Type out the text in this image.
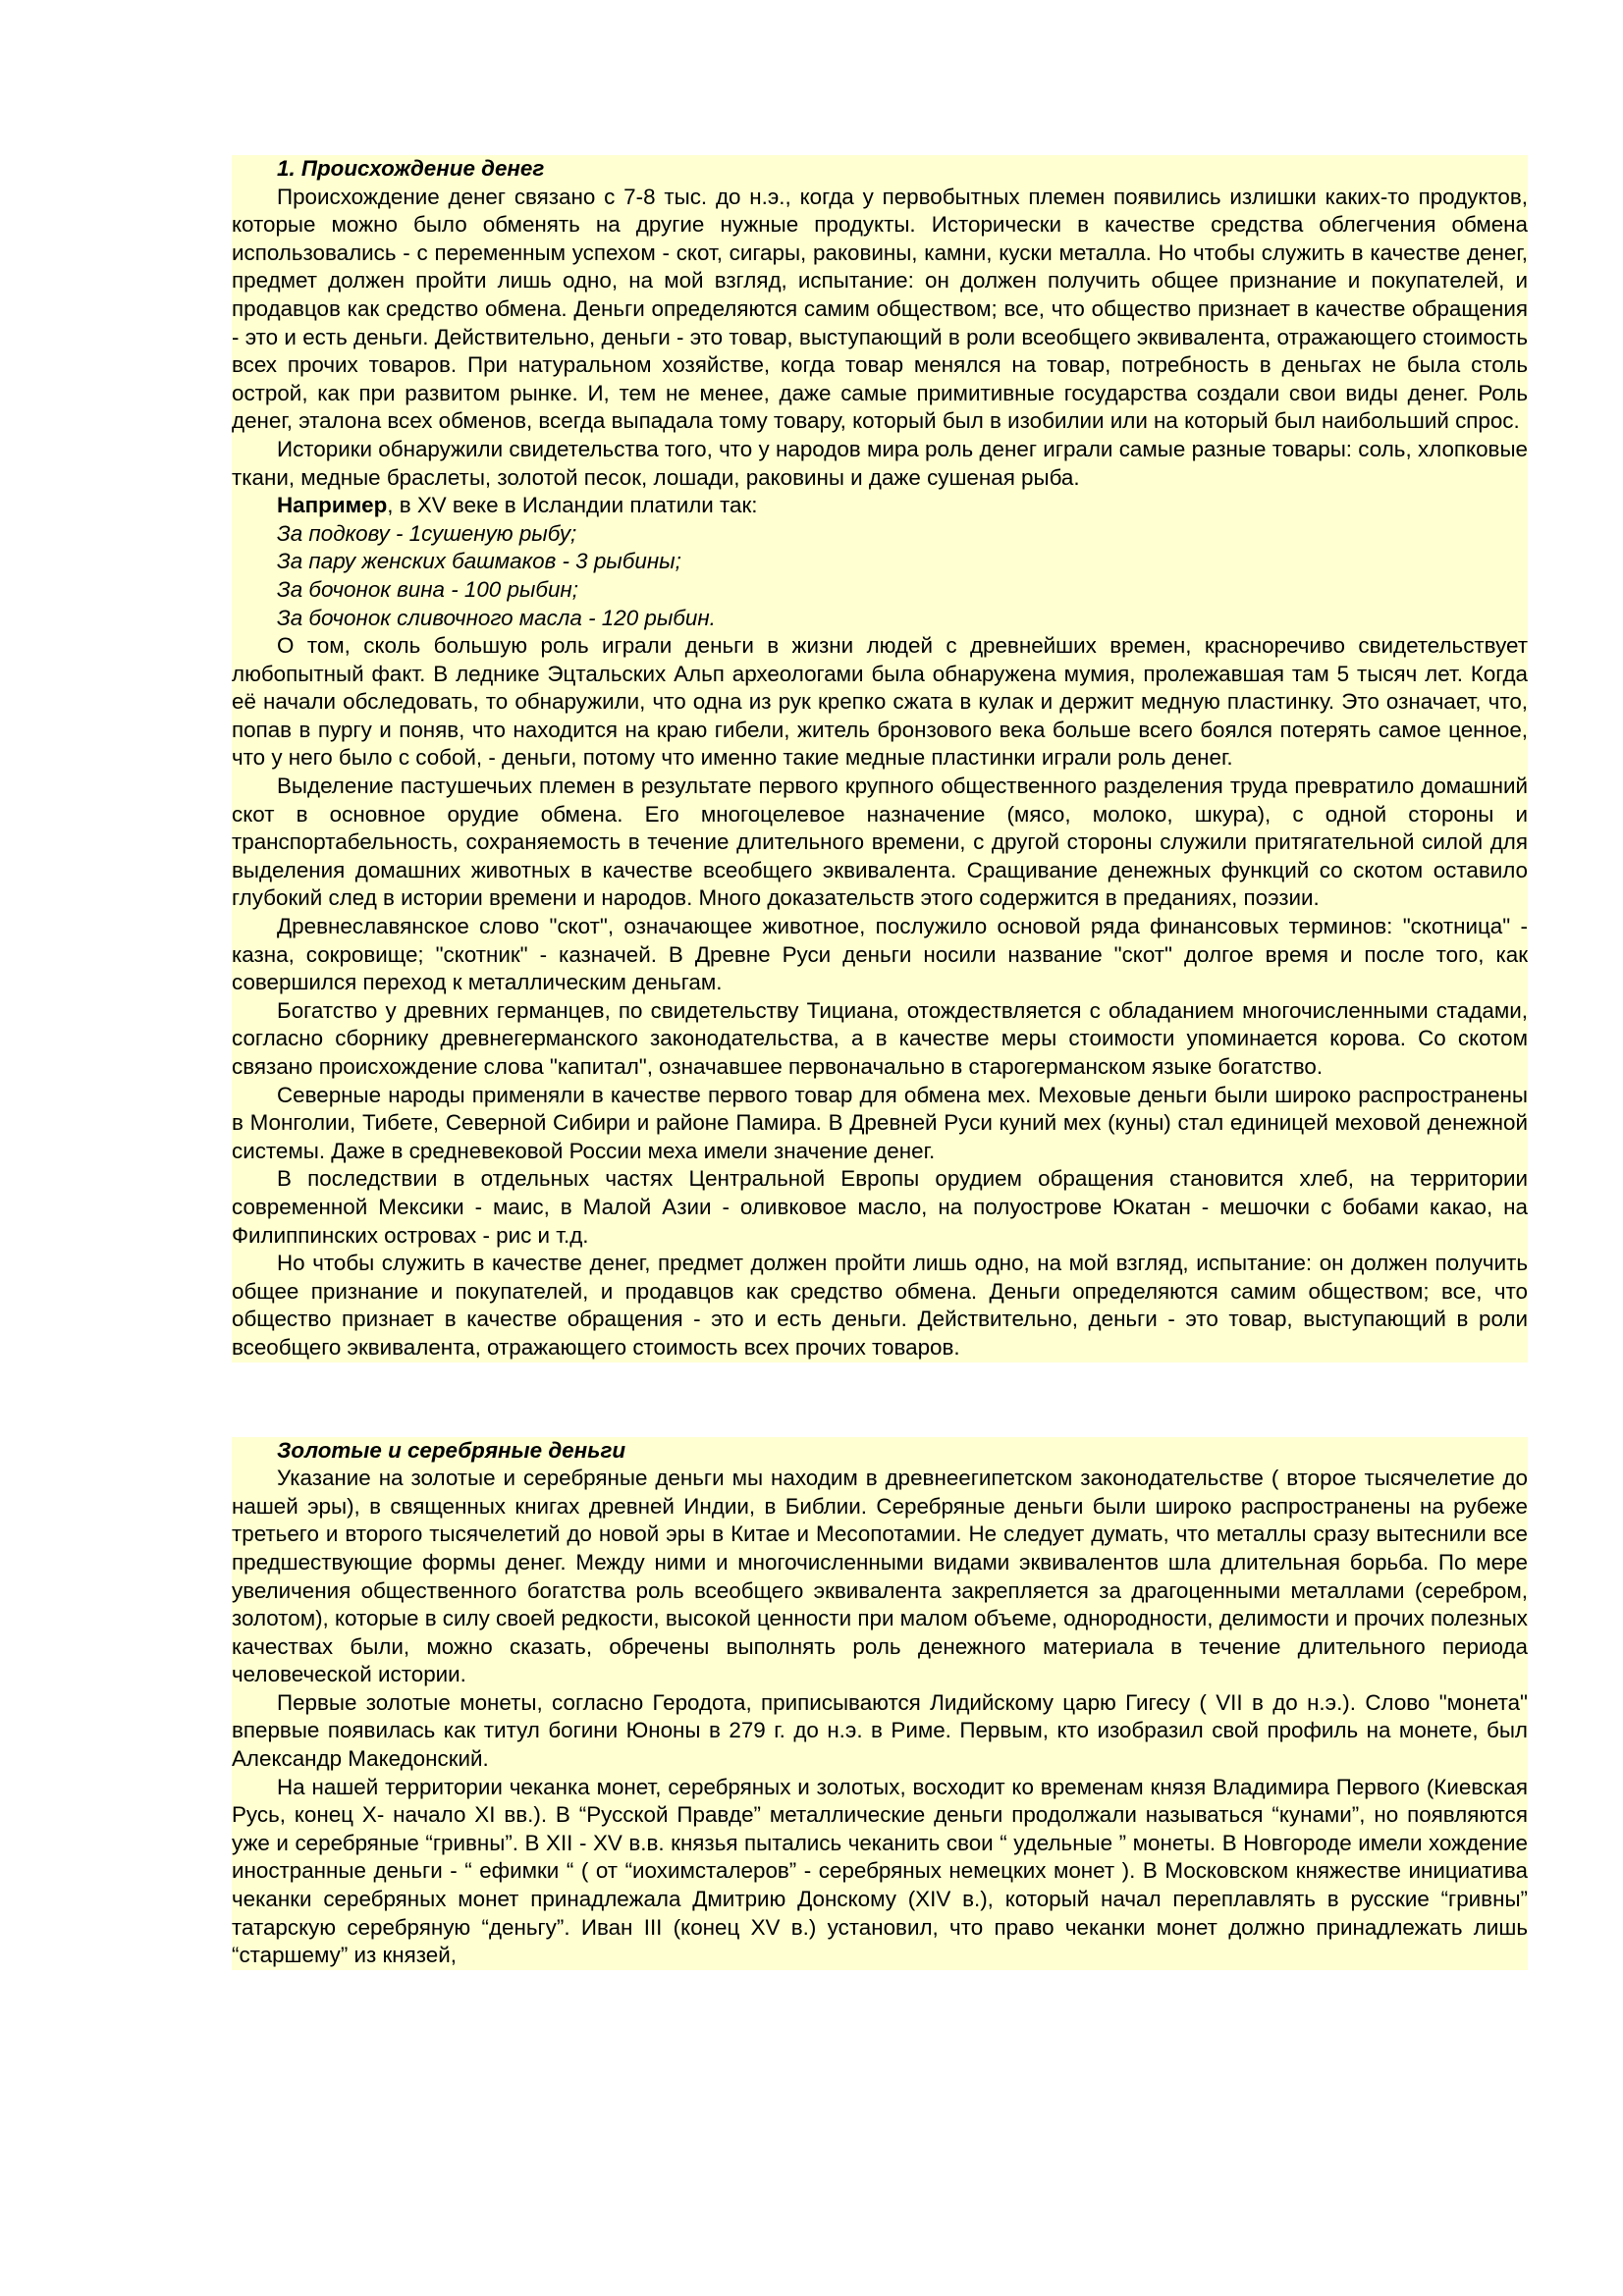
1. Происхождение денег

Происхождение денег связано с 7-8 тыс. до н.э., когда у первобытных племен появились излишки каких-то продуктов, которые можно было обменять на другие нужные продукты. Исторически в качестве средства облегчения обмена использовались - с переменным успехом - скот, сигары, раковины, камни, куски металла. Но чтобы служить в качестве денег, предмет должен пройти лишь одно, на мой взгляд, испытание: он должен получить общее признание и покупателей, и продавцов как средство обмена. Деньги определяются самим обществом; все, что общество признает в качестве обращения - это и есть деньги. Действительно, деньги - это товар, выступающий в роли всеобщего эквивалента, отражающего стоимость всех прочих товаров. При натуральном хозяйстве, когда товар менялся на товар, потребность в деньгах не была столь острой, как при развитом рынке. И, тем не менее, даже самые примитивные государства создали свои виды денег. Роль денег, эталона всех обменов, всегда выпадала тому товару, который был в изобилии или на который был наибольший спрос.

Историки обнаружили свидетельства того, что у народов мира роль денег играли самые разные товары: соль, хлопковые ткани, медные браслеты, золотой песок, лошади, раковины и даже сушеная рыба.

Например, в XV веке в Исландии платили так:

За подкову - 1сушеную рыбу;

За пару женских башмаков - 3 рыбины;

За бочонок вина - 100 рыбин;

За бочонок сливочного масла - 120 рыбин.

О том, сколь большую роль играли деньги в жизни людей с древнейших времен, красноречиво свидетельствует любопытный факт. В леднике Эцтальских Альп археологами была обнаружена мумия, пролежавшая там 5 тысяч лет. Когда её начали обследовать, то обнаружили, что одна из рук крепко сжата в кулак и держит медную пластинку. Это означает, что, попав в пургу и поняв, что находится на краю гибели, житель бронзового века больше всего боялся потерять самое ценное, что у него было с собой, - деньги, потому что именно такие медные пластинки играли роль денег.

Выделение пастушечьих племен в результате первого крупного общественного разделения труда превратило домашний скот в основное орудие обмена. Его многоцелевое назначение (мясо, молоко, шкура), с одной стороны и транспортабельность, сохраняемость в течение длительного времени, с другой стороны служили притягательной силой для выделения домашних животных в качестве всеобщего эквивалента. Сращивание денежных функций со скотом оставило глубокий след в истории времени и народов. Много доказательств этого содержится в преданиях, поэзии.

Древнеславянское слово "скот", означающее животное, послужило основой ряда финансовых терминов: "скотница" - казна, сокровище; "скотник" - казначей. В Древне Руси деньги носили название "скот" долгое время и после того, как совершился переход к металлическим деньгам.

Богатство у древних германцев, по свидетельству Тициана, отождествляется с обладанием многочисленными стадами, согласно сборнику древнегерманского законодательства, а в качестве меры стоимости упоминается корова. Со скотом связано происхождение слова "капитал", означавшее первоначально в старогерманском языке богатство.

Северные народы применяли в качестве первого товар для обмена мех. Меховые деньги были широко распространены в Монголии, Тибете, Северной Сибири и районе Памира. В Древней Руси куний мех (куны) стал единицей меховой денежной системы. Даже в средневековой России меха имели значение денег.

В последствии в отдельных частях Центральной Европы орудием обращения становится хлеб, на территории современной Мексики - маис, в Малой Азии - оливковое масло, на полуострове Юкатан - мешочки с бобами какао, на Филиппинских островах - рис и т.д.

Но чтобы служить в качестве денег, предмет должен пройти лишь одно, на мой взгляд, испытание: он должен получить общее признание и покупателей, и продавцов как средство обмена. Деньги определяются самим обществом; все, что общество признает в качестве обращения - это и есть деньги. Действительно, деньги - это товар, выступающий в роли всеобщего эквивалента, отражающего стоимость всех прочих товаров.

Золотые и серебряные деньги

Указание на золотые и серебряные деньги мы находим в древнеегипетском законодательстве ( второе тысячелетие до нашей эры), в священных книгах древней Индии, в Библии. Серебряные деньги были широко распространены на рубеже третьего и второго тысячелетий до новой эры в Китае и Месопотамии. Не следует думать, что металлы сразу вытеснили все предшествующие формы денег. Между ними и многочисленными видами эквивалентов шла длительная борьба. По мере увеличения общественного богатства роль всеобщего эквивалента закрепляется за драгоценными металлами (серебром, золотом), которые в силу своей редкости, высокой ценности при малом объеме, однородности, делимости и прочих полезных качествах были, можно сказать, обречены выполнять роль денежного материала в течение длительного периода человеческой истории.

Первые золотые монеты, согласно Геродота, приписываются Лидийскому царю Гигесу ( VII в до н.э.). Слово "монета" впервые появилась как титул богини Юноны в 279 г. до н.э. в Риме. Первым, кто изобразил свой профиль на монете, был Александр Македонский.

На нашей территории чеканка монет, серебряных и золотых, восходит ко временам князя Владимира Первого (Киевская Русь, конец X- начало XI вв.). В “Русской Правде” металлические деньги продолжали называться “кунами”, но появляются уже и серебряные “гривны”. В XII - XV в.в. князья пытались чеканить свои “ удельные ” монеты. В Новгороде имели хождение иностранные деньги - “ ефимки “ ( от “иохимсталеров” - серебряных немецких монет ). В Московском княжестве инициатива чеканки серебряных монет принадлежала Дмитрию Донскому (XIV в.), который начал переплавлять в русские “гривны” татарскую серебряную “деньгу”. Иван III (конец XV в.) установил, что право чеканки монет должно принадлежать лишь “старшему” из князей,
